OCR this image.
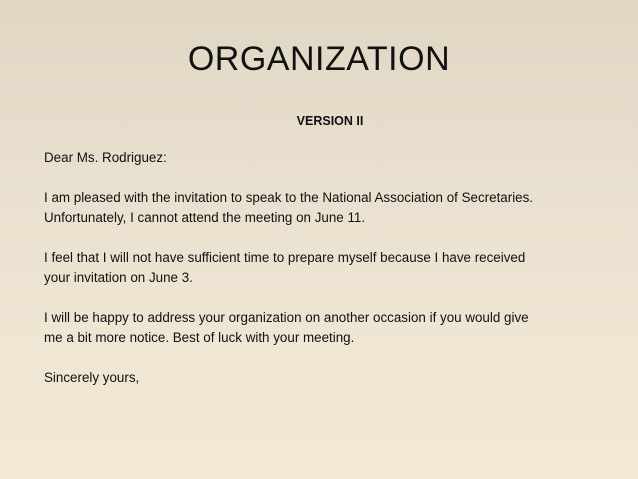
ORGANIZATION
VERSION II

Dear Ms. Rodriguez:

I am pleased with the invitation to speak to the National Association of Secretaries.
Unfortunately, I cannot attend the meeting on June 11.

I feel that I will not have sufficient time to prepare myself because I have received
your invitation on June 3.

I will be happy to address your organization on another occasion if you would give
me a bit more notice. Best of luck with your meeting.

Sincerely yours,
